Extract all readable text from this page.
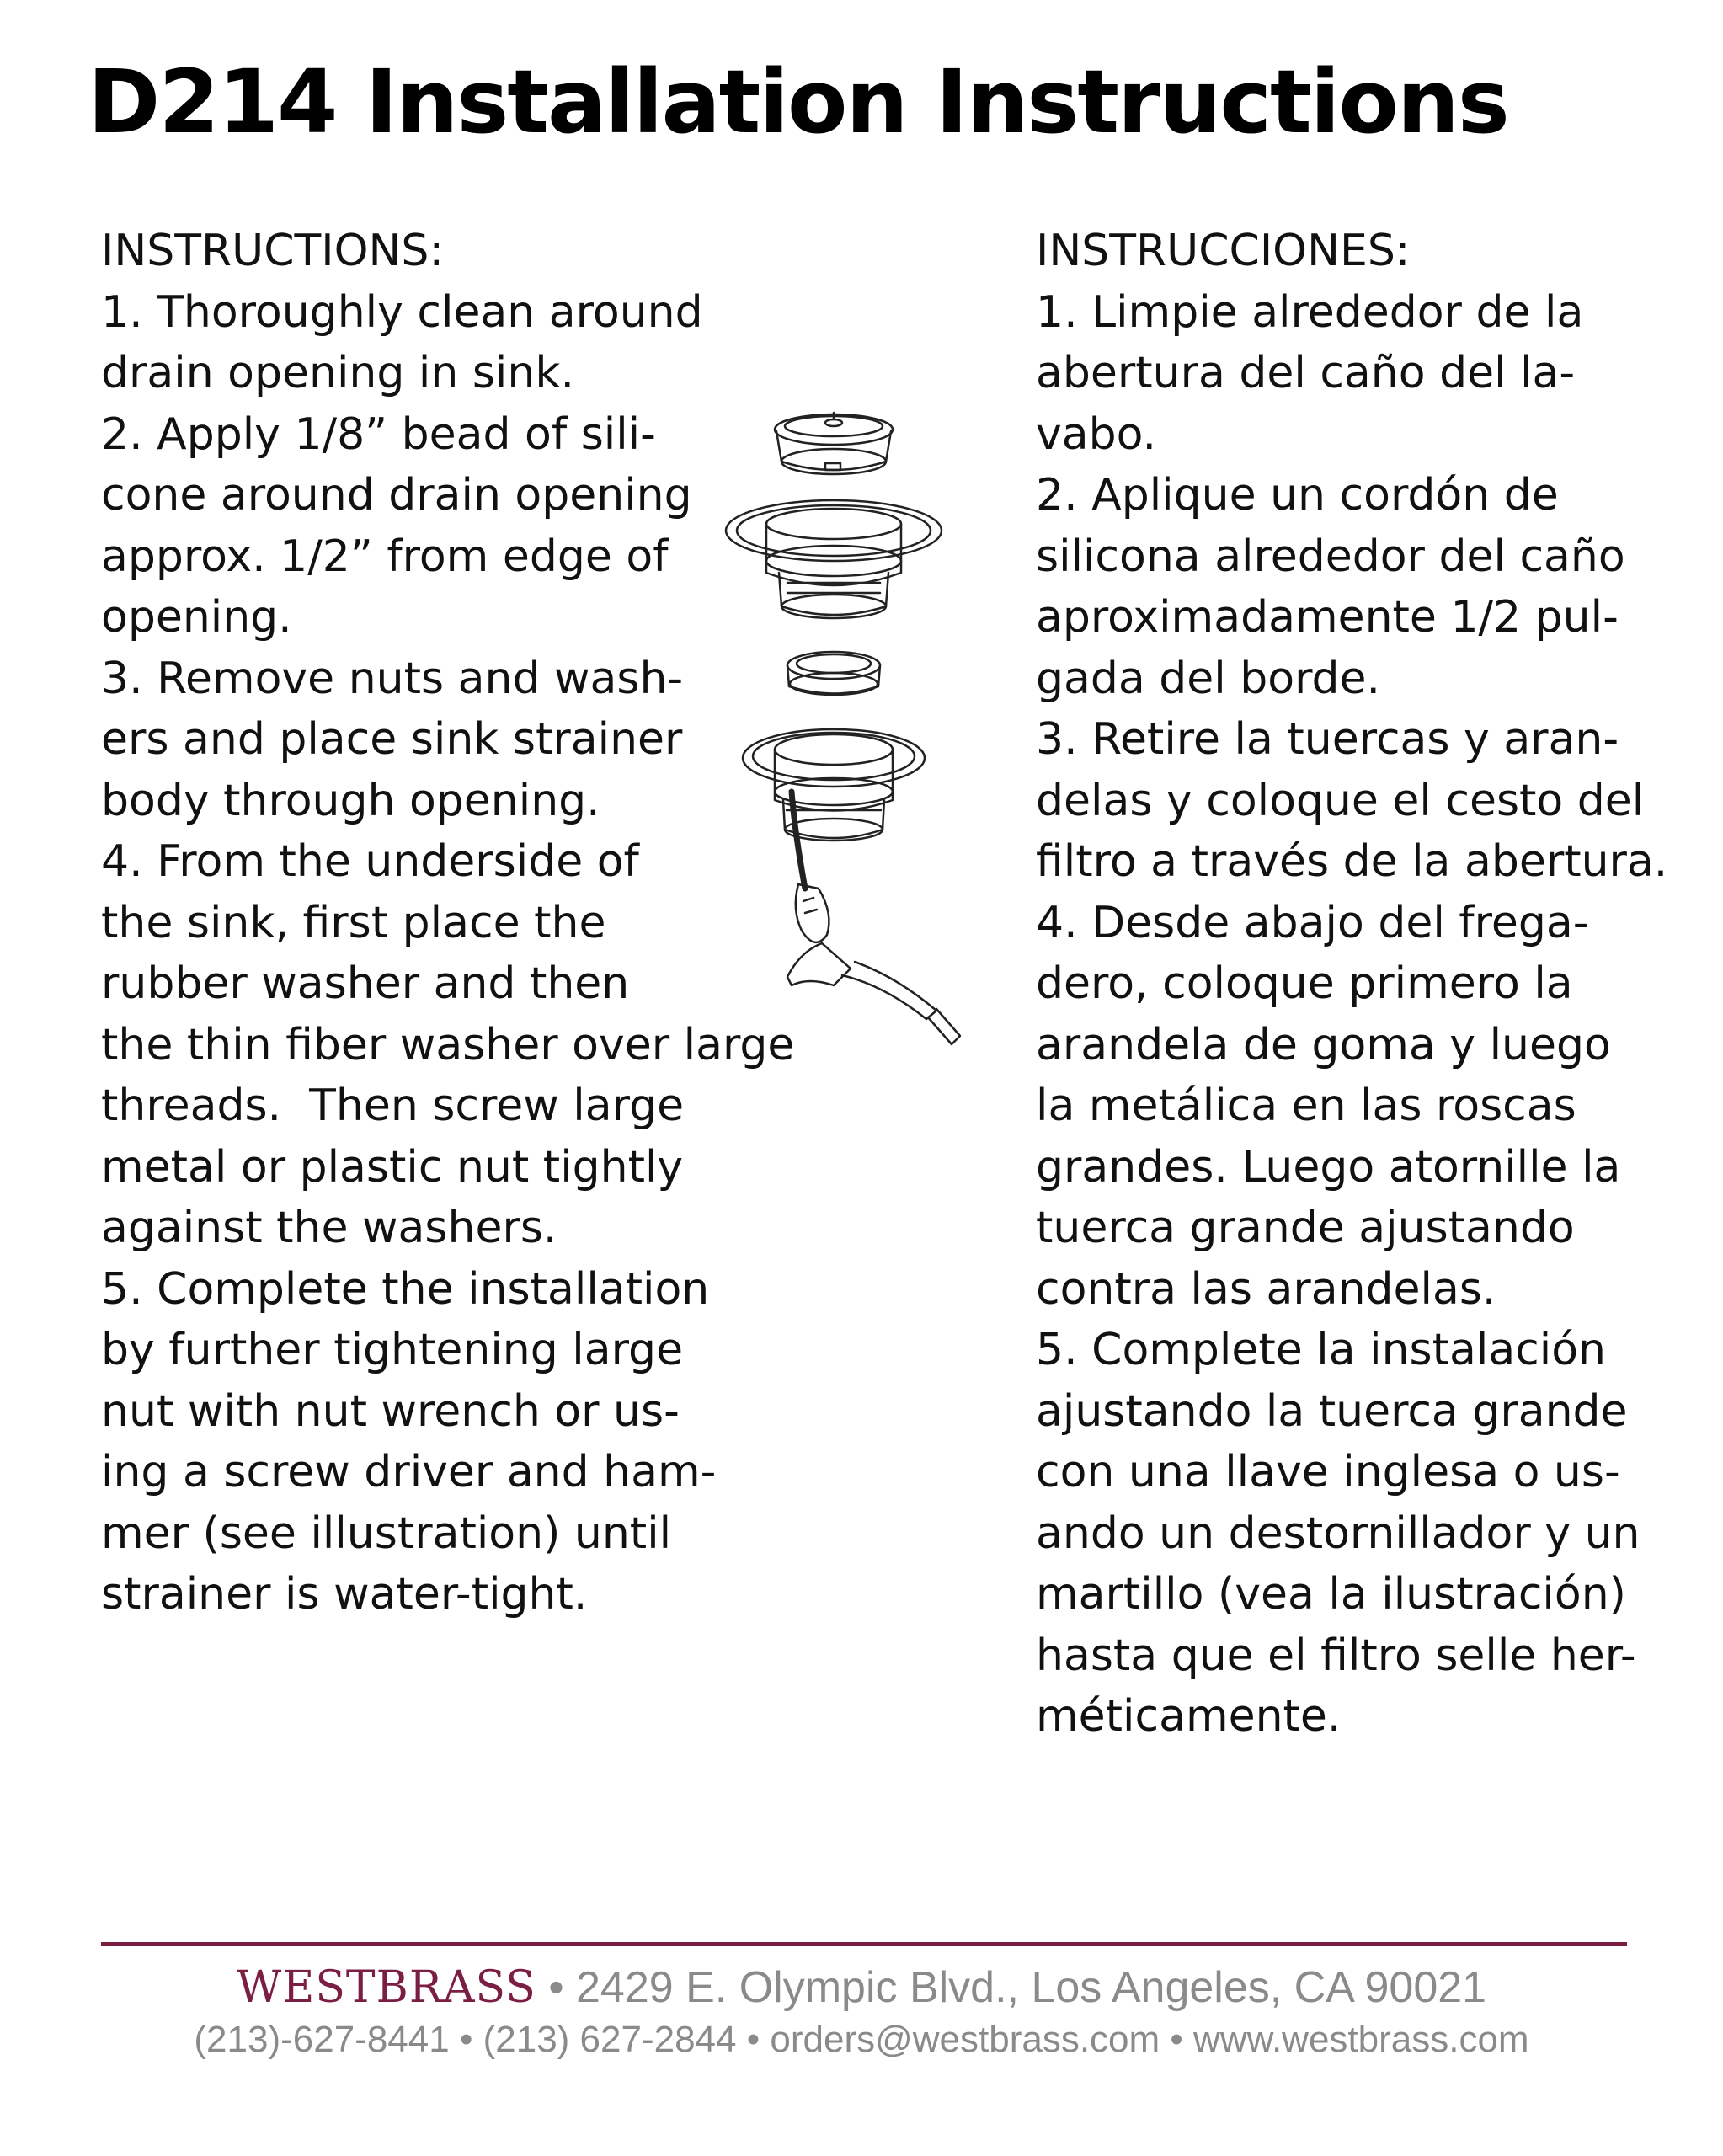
D214 Installation Instructions
INSTRUCTIONS:
1. Thoroughly clean around
drain opening in sink.
2. Apply 1/8” bead of sili-
cone around drain opening
approx. 1/2” from edge of
opening.
3. Remove nuts and wash-
ers and place sink strainer
body through opening.
4. From the underside of
the sink, first place the
rubber washer and then
the thin fiber washer over large
threads.  Then screw large
metal or plastic nut tightly
against the washers.
5. Complete the installation
by further tightening large
nut with nut wrench or us-
ing a screw driver and ham-
mer (see illustration) until
strainer is water-tight.
INSTRUCCIONES:
1. Limpie alrededor de la
abertura del caño del la-
vabo.
2. Aplique un cordón de
silicona alrededor del caño
aproximadamente 1/2 pul-
gada del borde.
3. Retire la tuercas y aran-
delas y coloque el cesto del
filtro a través de la abertura.
4. Desde abajo del frega-
dero, coloque primero la
arandela de goma y luego
la metálica en las roscas
grandes. Luego atornille la
tuerca grande ajustando
contra las arandelas.
5. Complete la instalación
ajustando la tuerca grande
con una llave inglesa o us-
ando un destornillador y un
martillo (vea la ilustración)
hasta que el filtro selle her-
méticamente.
WESTBRASS • 2429 E. Olympic Blvd., Los Angeles, CA 90021
(213)-627-8441 • (213) 627-2844 • orders@westbrass.com • www.westbrass.com
